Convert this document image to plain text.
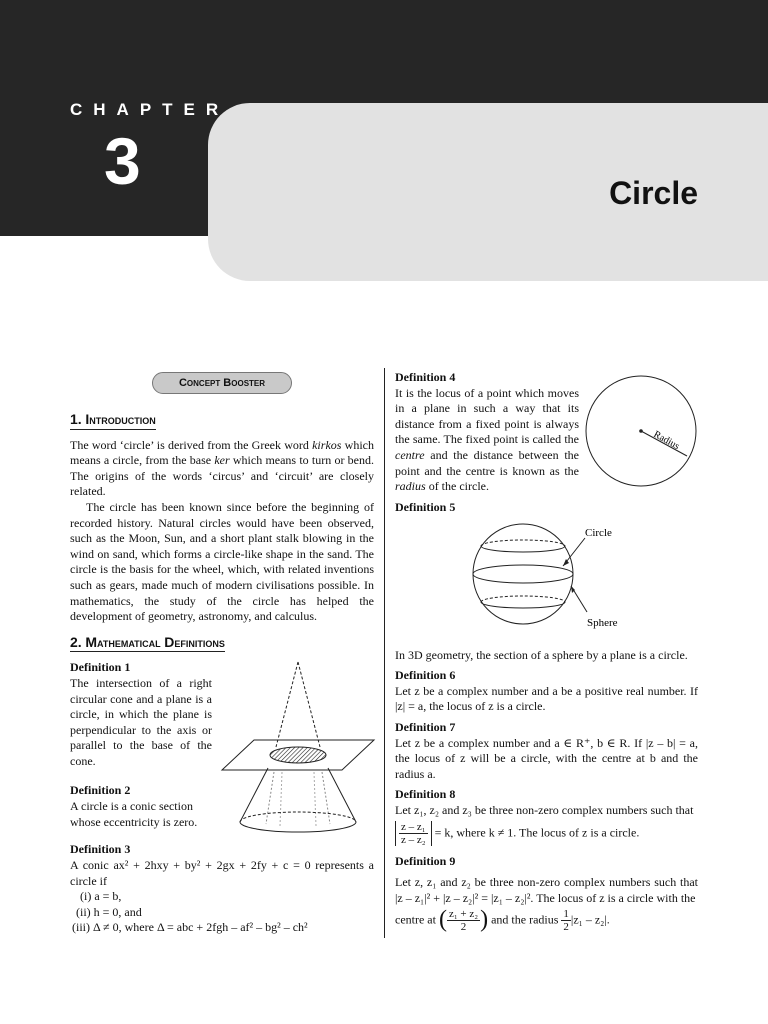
CHAPTER
3	Circle
Concept Booster
1. Introduction

The word ‘circle’ is derived from the Greek word kirkos which means a circle, from the base ker which means to turn or bend. The origins of the words ‘circus’ and ‘circuit’ are closely related.

The circle has been known since before the beginning of recorded history. Natural circles would have been observed, such as the Moon, Sun, and a short plant stalk blowing in the wind on sand, which forms a circle-like shape in the sand. The circle is the basis for the wheel, which, with related inventions such as gears, made much of modern civilisations possible. In mathematics, the study of the circle has helped the development of geometry, astronomy, and calculus.

2. Mathematical Definitions
Definition 1

The intersection of a right circular cone and a plane is a circle, in which the plane is perpendicular to the axis or parallel to the base of the cone.

Definition 2

A circle is a conic section whose eccentricity is zero.

Definition 3

A conic ax² + 2hxy + by² + 2gx + 2fy + c = 0 represents a circle if

(i) a = b,
(ii) h = 0, and
(iii) Δ ≠ 0, where Δ = abc + 2fgh – af² – bg² – ch²
Definition 4

It is the locus of a point which moves in a plane in such a way that its distance from a fixed point is always the same. The fixed point is called the centre and the distance between the point and the centre is known as the radius of the circle.

Radius
Definition 5
Circle
Sphere

In 3D geometry, the section of a sphere by a plane is a circle.

Definition 6

Let z be a complex number and a be a positive real number. If |z| = a, the locus of z is a circle.

Definition 7

Let z be a complex number and a ∈ R⁺, b ∈ R. If |z – b| = a, the locus of z will be a circle, with the centre at b and the radius a.

Definition 8

Let z₁, z₂ and z₃ be three non-zero complex numbers such that

$\frac{\text{z – z₁}}{\text{z – z₂}} = k$, where k ≠ 1. The locus of z is a circle.
Definition 9

Let z, z₁ and z₂ be three non-zero complex numbers such that |z – z₁|² + |z – z₂|² = |z₁ – z₂|². The locus of z is a circle with the

centre at ( $\frac{\text{z₁ + z₂}}{2}$ ) and the radius $\frac{1}{2} |z_1 - z_2|$.
